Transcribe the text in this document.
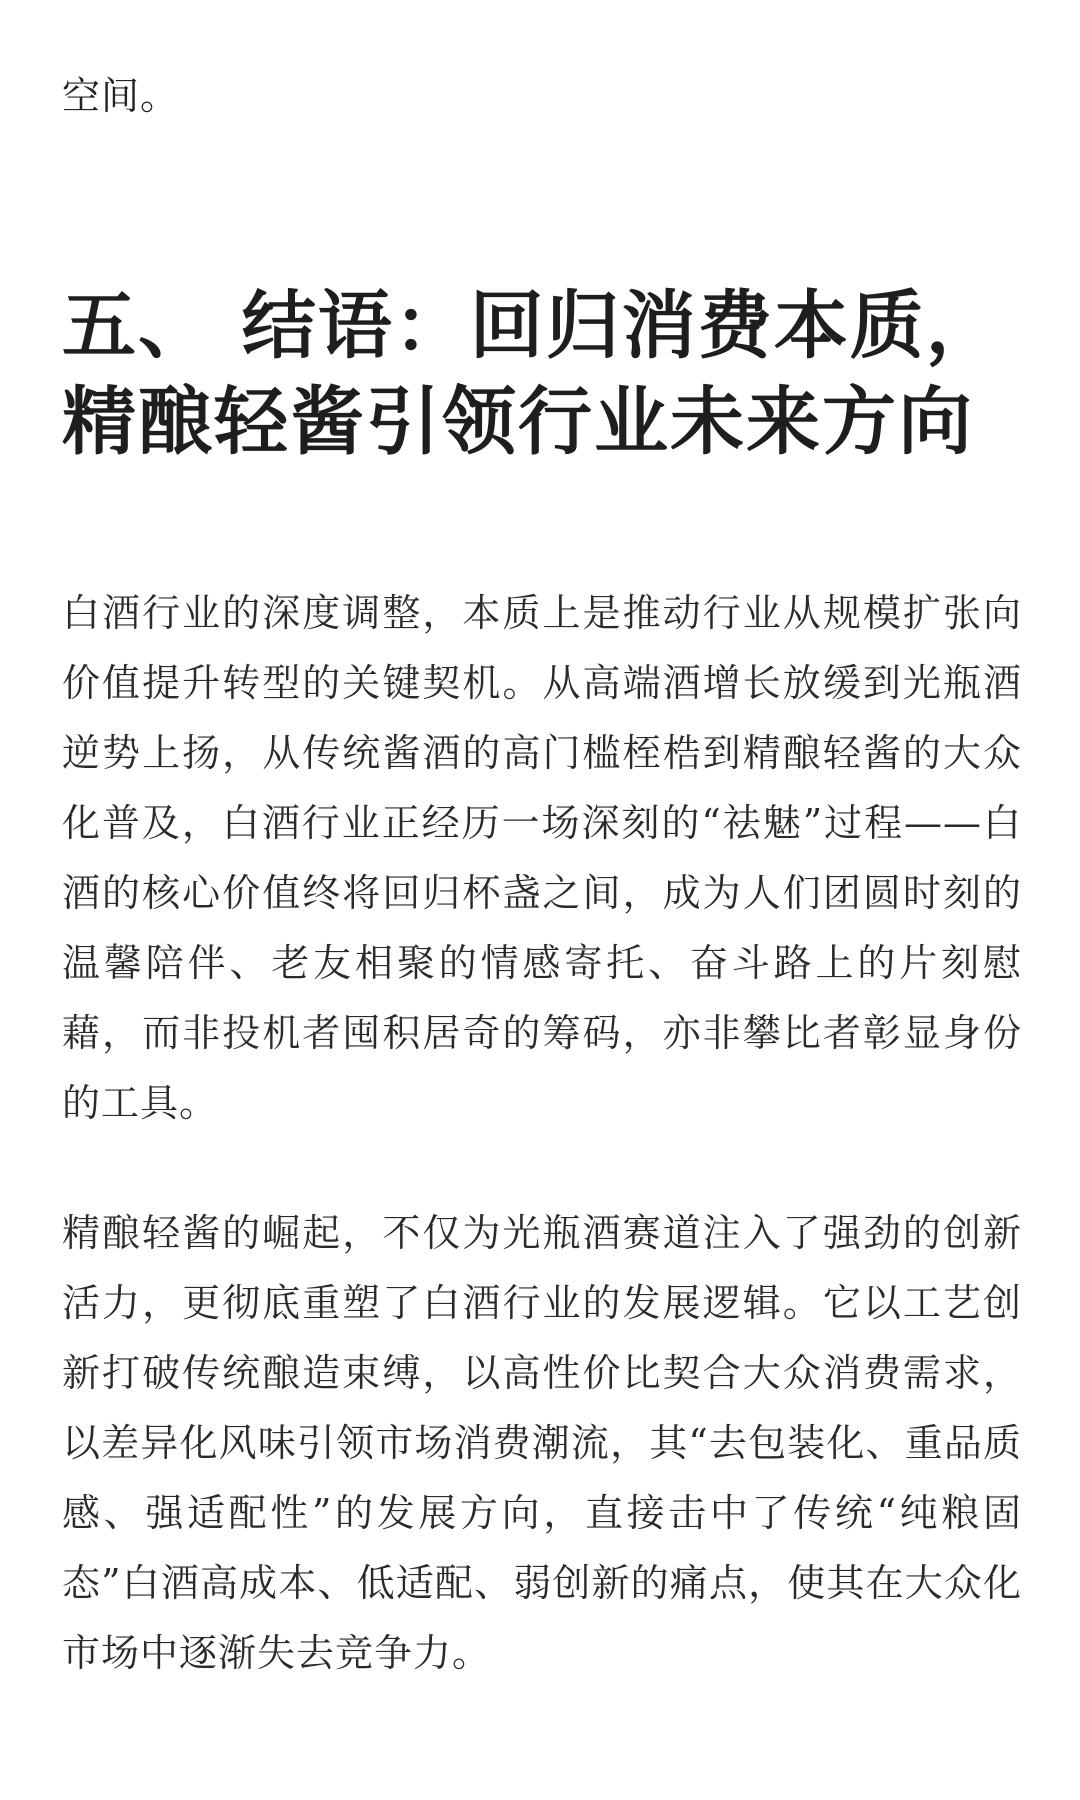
空间。

五、 结语：回归消费本质，
精酿轻酱引领行业未来方向

白酒行业的深度调整，本质上是推动行业从规模扩张向价值提升转型的关键契机。从高端酒增长放缓到光瓶酒逆势上扬，从传统酱酒的高门槛桎梏到精酿轻酱的大众化普及，白酒行业正经历一场深刻的“祛魅”过程——白酒的核心价值终将回归杯盏之间，成为人们团圆时刻的温馨陪伴、老友相聚的情感寄托、奋斗路上的片刻慰藉，而非投机者囤积居奇的筹码，亦非攀比者彰显身份的工具。

精酿轻酱的崛起，不仅为光瓶酒赛道注入了强劲的创新活力，更彻底重塑了白酒行业的发展逻辑。它以工艺创新打破传统酿造束缚，以高性价比契合大众消费需求，以差异化风味引领市场消费潮流，其“去包装化、重品质感、强适配性”的发展方向，直接击中了传统“纯粮固态”白酒高成本、低适配、弱创新的痛点，使其在大众化市场中逐渐失去竞争力。
